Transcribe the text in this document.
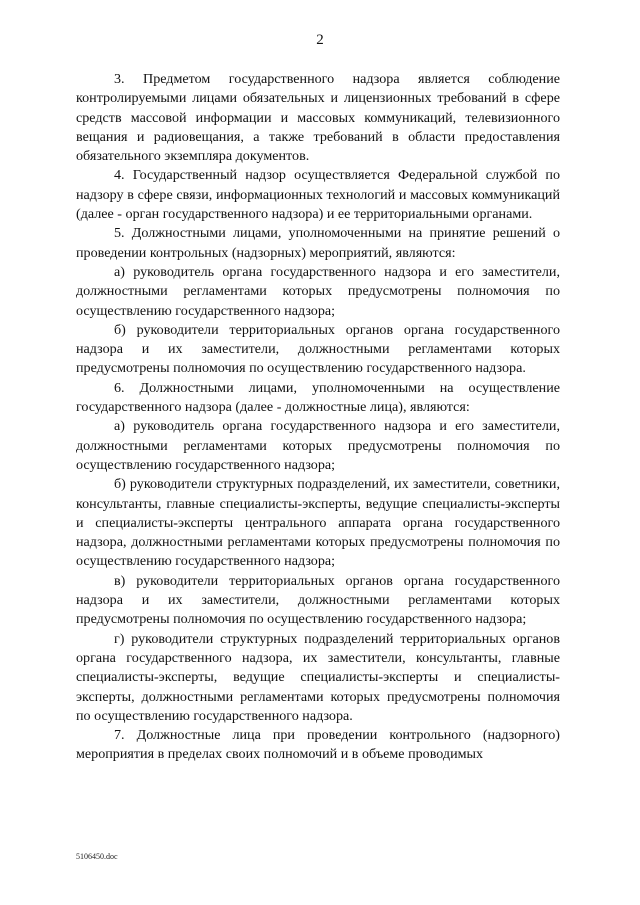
2

3. Предметом государственного надзора является соблюдение контролируемыми лицами обязательных и лицензионных требований в сфере средств массовой информации и массовых коммуникаций, телевизионного вещания и радиовещания, а также требований в области предоставления обязательного экземпляра документов.

4. Государственный надзор осуществляется Федеральной службой по надзору в сфере связи, информационных технологий и массовых коммуникаций (далее - орган государственного надзора) и ее территориальными органами.

5. Должностными лицами, уполномоченными на принятие решений о проведении контрольных (надзорных) мероприятий, являются:

а) руководитель органа государственного надзора и его заместители, должностными регламентами которых предусмотрены полномочия по осуществлению государственного надзора;

б) руководители территориальных органов органа государственного надзора и их заместители, должностными регламентами которых предусмотрены полномочия по осуществлению государственного надзора.

6. Должностными лицами, уполномоченными на осуществление государственного надзора (далее - должностные лица), являются:

а) руководитель органа государственного надзора и его заместители, должностными регламентами которых предусмотрены полномочия по осуществлению государственного надзора;

б) руководители структурных подразделений, их заместители, советники, консультанты, главные специалисты-эксперты, ведущие специалисты-эксперты и специалисты-эксперты центрального аппарата органа государственного надзора, должностными регламентами которых предусмотрены полномочия по осуществлению государственного надзора;

в) руководители территориальных органов органа государственного надзора и их заместители, должностными регламентами которых предусмотрены полномочия по осуществлению государственного надзора;

г) руководители структурных подразделений территориальных органов органа государственного надзора, их заместители, консультанты, главные специалисты-эксперты, ведущие специалисты-эксперты и специалисты-эксперты, должностными регламентами которых предусмотрены полномочия по осуществлению государственного надзора.

7. Должностные лица при проведении контрольного (надзорного) мероприятия в пределах своих полномочий и в объеме проводимых

5106450.doc
